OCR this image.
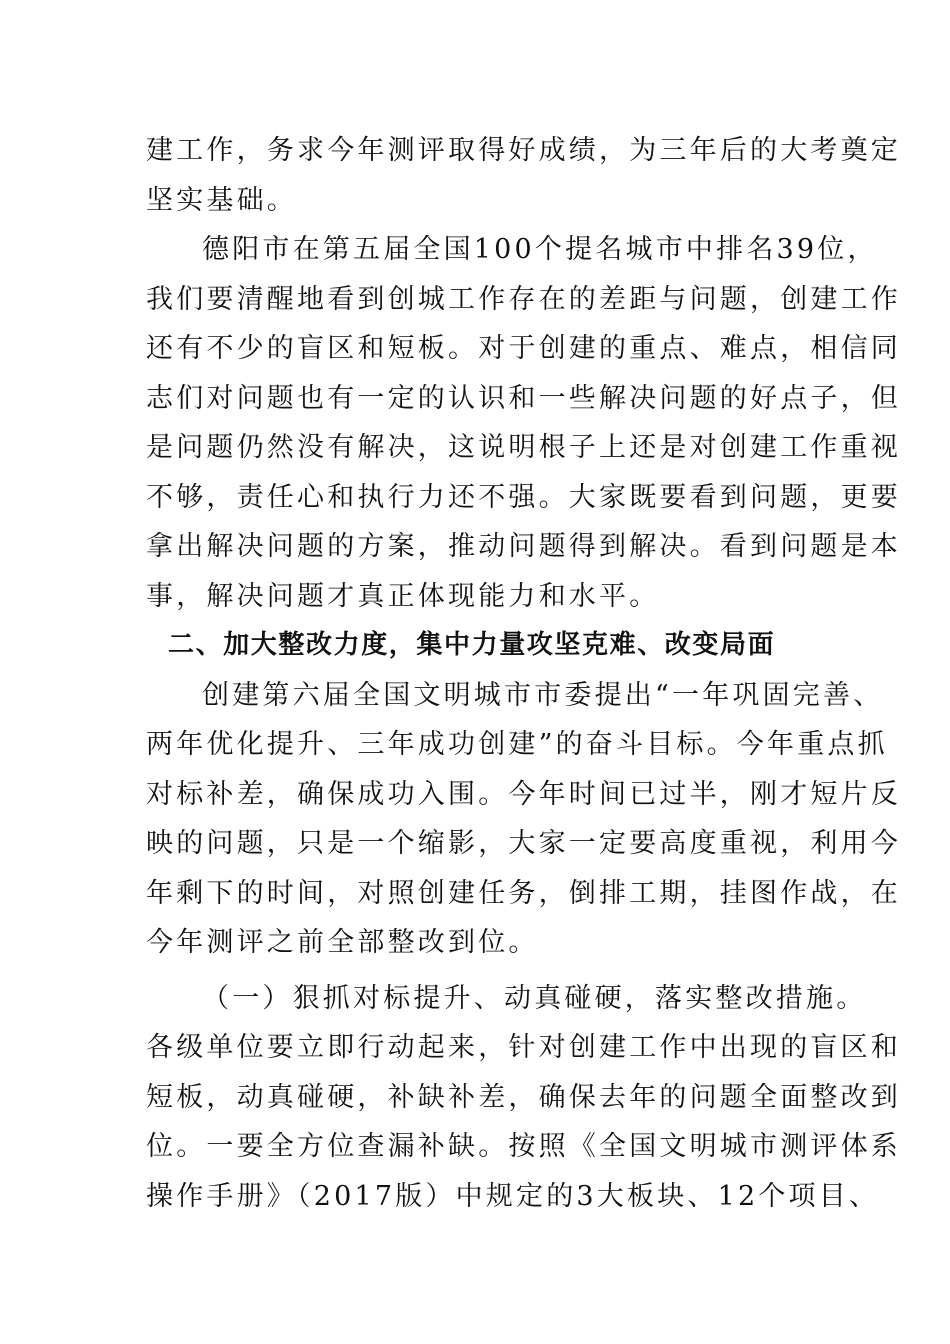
建工作，务求今年测评取得好成绩，为三年后的大考奠定
坚实基础。

德阳市在第五届全国100个提名城市中排名39位，
我们要清醒地看到创城工作存在的差距与问题，创建工作
还有不少的盲区和短板。对于创建的重点、难点，相信同
志们对问题也有一定的认识和一些解决问题的好点子，但
是问题仍然没有解决，这说明根子上还是对创建工作重视
不够，责任心和执行力还不强。大家既要看到问题，更要
拿出解决问题的方案，推动问题得到解决。看到问题是本
事，解决问题才真正体现能力和水平。

二、加大整改力度，集中力量攻坚克难、改变局面

创建第六届全国文明城市市委提出“一年巩固完善、
两年优化提升、三年成功创建”的奋斗目标。今年重点抓
对标补差，确保成功入围。今年时间已过半，刚才短片反
映的问题，只是一个缩影，大家一定要高度重视，利用今
年剩下的时间，对照创建任务，倒排工期，挂图作战，在
今年测评之前全部整改到位。

（一）狠抓对标提升、动真碰硬，落实整改措施。
各级单位要立即行动起来，针对创建工作中出现的盲区和
短板，动真碰硬，补缺补差，确保去年的问题全面整改到
位。一要全方位查漏补缺。按照《全国文明城市测评体系
操作手册》（2017版）中规定的3大板块、12个项目、
